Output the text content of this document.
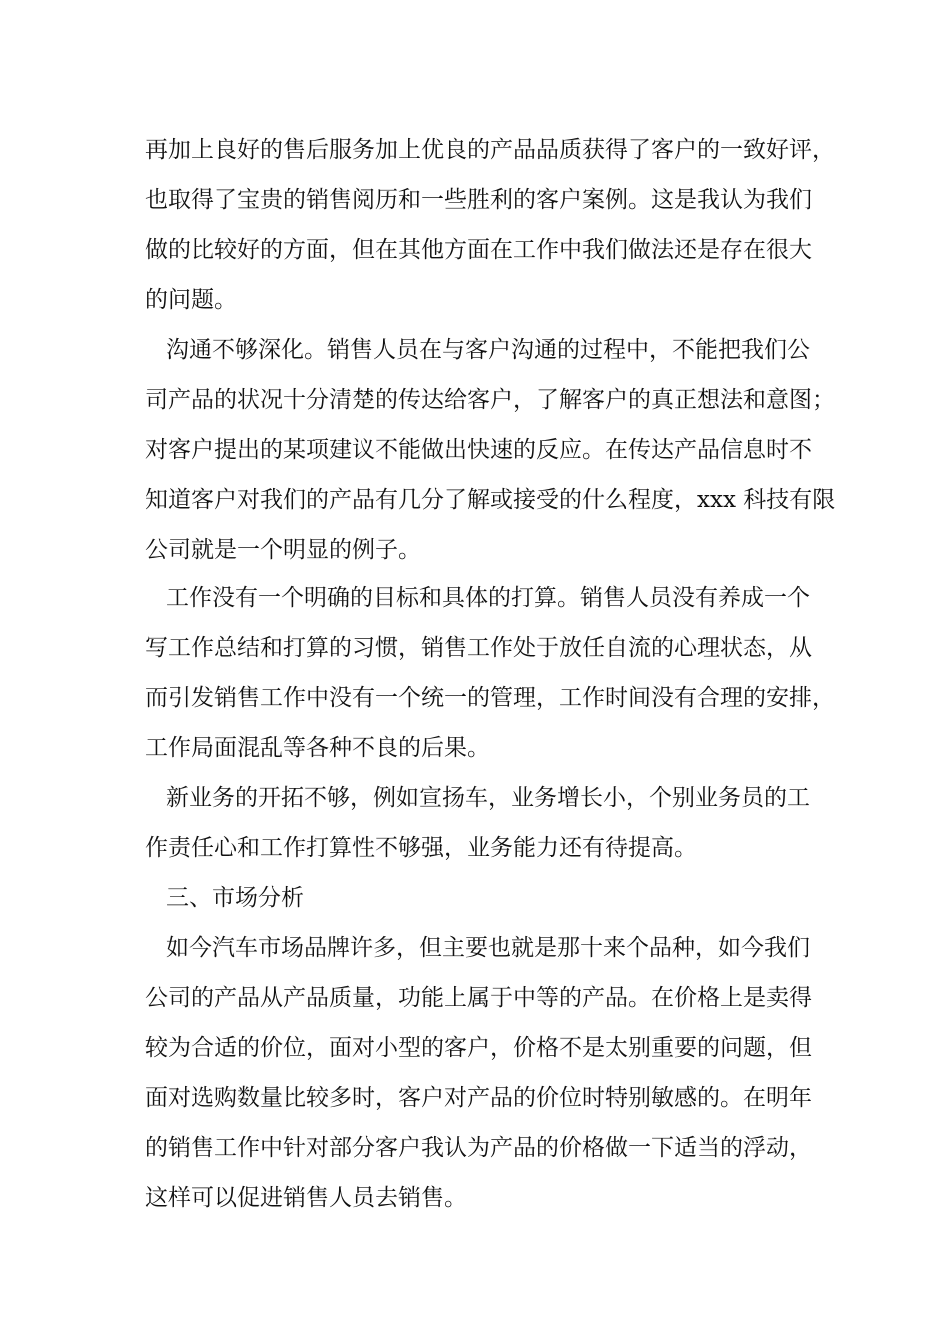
再加上良好的售后服务加上优良的产品品质获得了客户的一致好评，
也取得了宝贵的销售阅历和一些胜利的客户案例。这是我认为我们
做的比较好的方面，但在其他方面在工作中我们做法还是存在很大
的问题。
沟通不够深化。销售人员在与客户沟通的过程中，不能把我们公
司产品的状况十分清楚的传达给客户，了解客户的真正想法和意图；
对客户提出的某项建议不能做出快速的反应。在传达产品信息时不
知道客户对我们的产品有几分了解或接受的什么程度，xxx 科技有限
公司就是一个明显的例子。
工作没有一个明确的目标和具体的打算。销售人员没有养成一个
写工作总结和打算的习惯，销售工作处于放任自流的心理状态，从
而引发销售工作中没有一个统一的管理，工作时间没有合理的安排，
工作局面混乱等各种不良的后果。
新业务的开拓不够，例如宣扬车，业务增长小，个别业务员的工
作责任心和工作打算性不够强，业务能力还有待提高。
三、市场分析
如今汽车市场品牌许多，但主要也就是那十来个品种，如今我们
公司的产品从产品质量，功能上属于中等的产品。在价格上是卖得
较为合适的价位，面对小型的客户，价格不是太别重要的问题，但
面对选购数量比较多时，客户对产品的价位时特别敏感的。在明年
的销售工作中针对部分客户我认为产品的价格做一下适当的浮动，
这样可以促进销售人员去销售。
